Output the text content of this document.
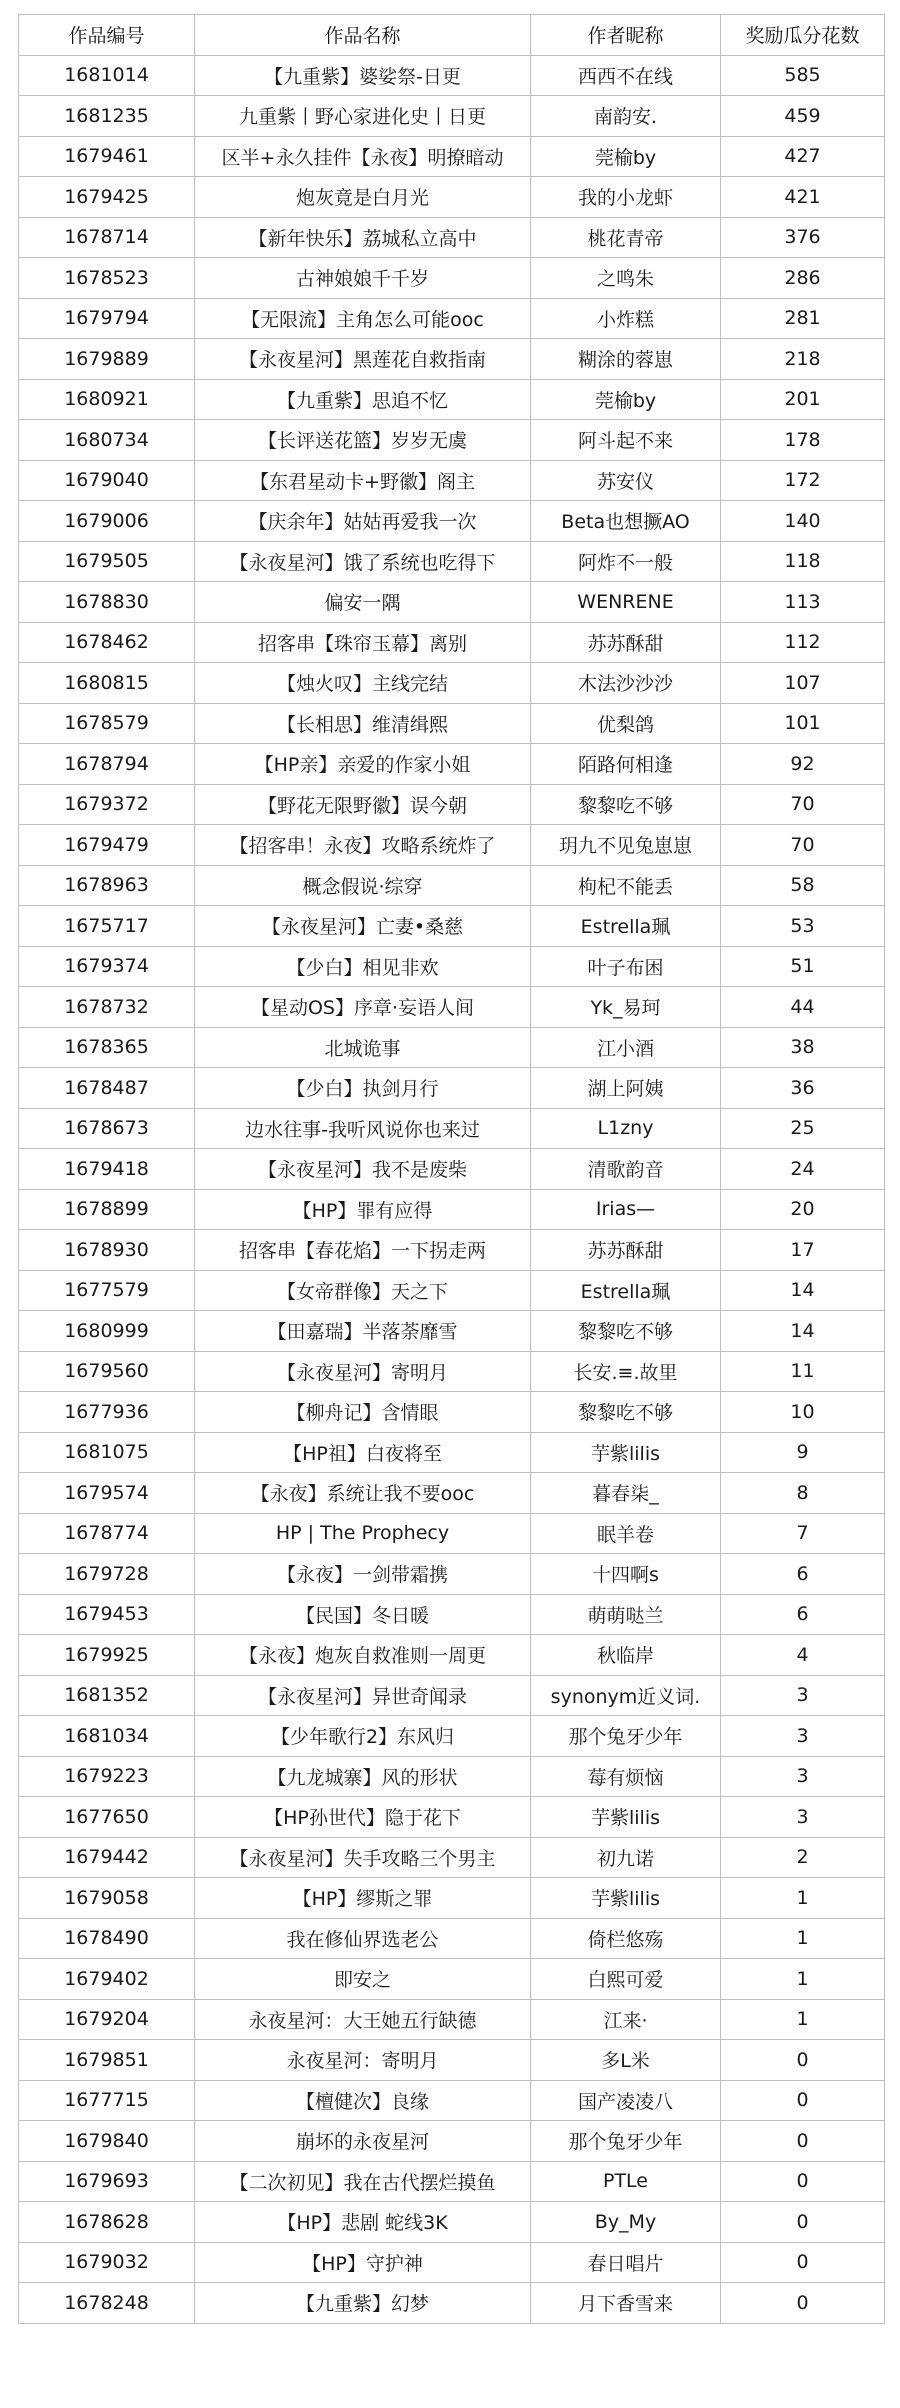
作品编号	作品名称	作者昵称	奖励瓜分花数
1681014	【九重紫】婆娑祭-日更	西西不在线	585
1681235	九重紫丨野心家进化史丨日更	南韵安.	459
1679461	区半+永久挂件【永夜】明撩暗动	莞榆by	427
1679425	炮灰竟是白月光	我的小龙虾	421
1678714	【新年快乐】荔城私立高中	桃花青帝	376
1678523	古神娘娘千千岁	之鸣朱	286
1679794	【无限流】主角怎么可能ooc	小炸糕	281
1679889	【永夜星河】黑莲花自救指南	糊涂的蓉崽	218
1680921	【九重紫】思追不忆	莞榆by	201
1680734	【长评送花篮】岁岁无虞	阿斗起不来	178
1679040	【东君星动卡+野徽】阁主	苏安仪	172
1679006	【庆余年】姑姑再爱我一次	Beta也想撅AO	140
1679505	【永夜星河】饿了系统也吃得下	阿炸不一般	118
1678830	偏安一隅	WENRENE	113
1678462	招客串【珠帘玉幕】离别	苏苏酥甜	112
1680815	【烛火叹】主线完结	木法沙沙沙	107
1678579	【长相思】维清缉熙	优梨鸽	101
1678794	【HP亲】亲爱的作家小姐	陌路何相逢	92
1679372	【野花无限野徽】误今朝	黎黎吃不够	70
1679479	【招客串！永夜】攻略系统炸了	玥九不见兔崽崽	70
1678963	概念假说·综穿	枸杞不能丢	58
1675717	【永夜星河】亡妻•桑慈	Estrella珮	53
1679374	【少白】相见非欢	叶子布困	51
1678732	【星动OS】序章·妄语人间	Yk_易珂	44
1678365	北城诡事	江小酒	38
1678487	【少白】执剑月行	湖上阿姨	36
1678673	边水往事-我听风说你也来过	L1zny	25
1679418	【永夜星河】我不是废柴	清歌韵音	24
1678899	【HP】罪有应得	Irias—	20
1678930	招客串【春花焰】一下拐走两	苏苏酥甜	17
1677579	【女帝群像】天之下	Estrella珮	14
1680999	【田嘉瑞】半落荼靡雪	黎黎吃不够	14
1679560	【永夜星河】寄明月	长安.≡.故里	11
1677936	【柳舟记】含情眼	黎黎吃不够	10
1681075	【HP祖】白夜将至	芋紫lilis	9
1679574	【永夜】系统让我不要ooc	暮春柒_	8
1678774	HP | The Prophecy	眠羊卷	7
1679728	【永夜】一剑带霜携	十四啊s	6
1679453	【民国】冬日暖	萌萌哒兰	6
1679925	【永夜】炮灰自救准则一周更	秋临岸	4
1681352	【永夜星河】异世奇闻录	synonym近义词.	3
1681034	【少年歌行2】东风归	那个兔牙少年	3
1679223	【九龙城寨】风的形状	莓有烦恼	3
1677650	【HP孙世代】隐于花下	芋紫lilis	3
1679442	【永夜星河】失手攻略三个男主	初九诺	2
1679058	【HP】缪斯之罪	芋紫lilis	1
1678490	我在修仙界选老公	倚栏悠殇	1
1679402	即安之	白熙可爱	1
1679204	永夜星河：大王她五行缺德	江来·	1
1679851	永夜星河：寄明月	多L米	0
1677715	【檀健次】良缘	国产凌凌八	0
1679840	崩坏的永夜星河	那个兔牙少年	0
1679693	【二次初见】我在古代摆烂摸鱼	PTLe	0
1678628	【HP】悲剧 蛇线3K	By_My	0
1679032	【HP】守护神	春日唱片	0
1678248	【九重紫】幻梦	月下香雪来	0
